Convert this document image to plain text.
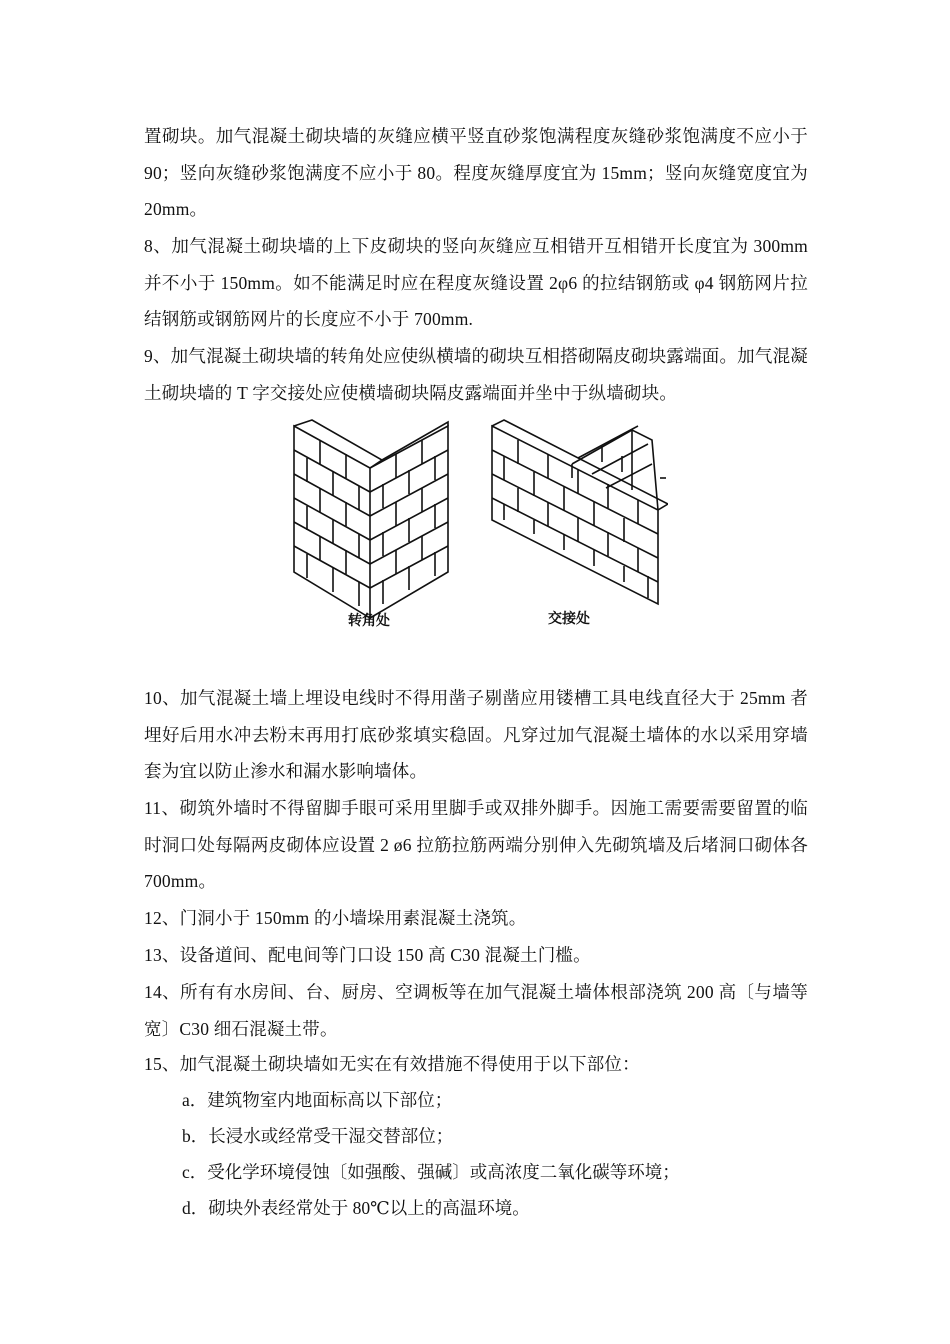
置砌块。加气混凝土砌块墙的灰缝应横平竖直砂浆饱满程度灰缝砂浆饱满度不应小于 90；竖向灰缝砂浆饱满度不应小于 80。程度灰缝厚度宜为 15mm；竖向灰缝宽度宜为 20mm。

8、加气混凝土砌块墙的上下皮砌块的竖向灰缝应互相错开互相错开长度宜为 300mm 并不小于 150mm。如不能满足时应在程度灰缝设置 2φ6 的拉结钢筋或 φ4 钢筋网片拉结钢筋或钢筋网片的长度应不小于 700mm.

9、加气混凝土砌块墙的转角处应使纵横墙的砌块互相搭砌隔皮砌块露端面。加气混凝土砌块墙的 T 字交接处应使横墙砌块隔皮露端面并坐中于纵墙砌块。

转角处	交接处

10、加气混凝土墙上埋设电线时不得用凿子剔凿应用镂槽工具电线直径大于 25mm 者埋好后用水冲去粉末再用打底砂浆填实稳固。凡穿过加气混凝土墙体的水以采用穿墙套为宜以防止渗水和漏水影响墙体。

11、砌筑外墙时不得留脚手眼可采用里脚手或双排外脚手。因施工需要需要留置的临时洞口处每隔两皮砌体应设置 2 ø6 拉筋拉筋两端分别伸入先砌筑墙及后堵洞口砌体各 700mm。

12、门洞小于 150mm 的小墙垛用素混凝土浇筑。

13、设备道间、配电间等门口设 150 高 C30 混凝土门槛。

14、所有有水房间、台、厨房、空调板等在加气混凝土墙体根部浇筑 200 高〔与墙等宽〕C30 细石混凝土带。

15、加气混凝土砌块墙如无实在有效措施不得使用于以下部位：

a．建筑物室内地面标高以下部位；

b．长浸水或经常受干湿交替部位；

c．受化学环境侵蚀〔如强酸、强碱〕或高浓度二氧化碳等环境；

d．砌块外表经常处于 80℃以上的高温环境。
